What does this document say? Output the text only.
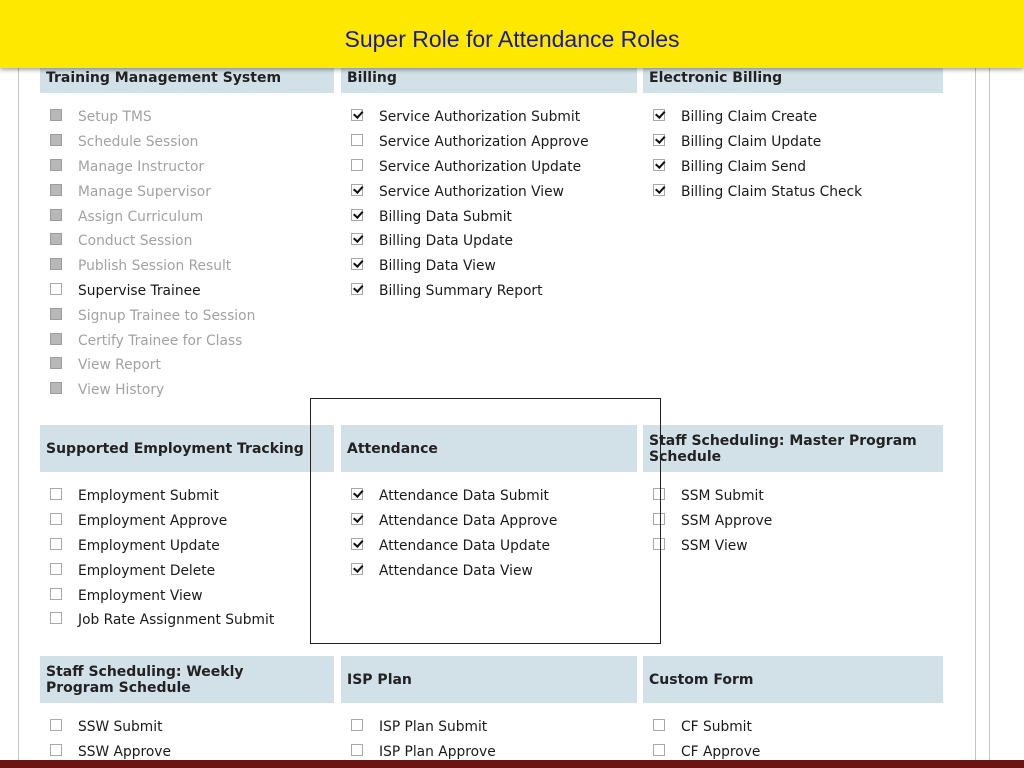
Super Role for Attendance Roles
Training Management System
Setup TMS
Schedule Session
Manage Instructor
Manage Supervisor
Assign Curriculum
Conduct Session
Publish Session Result
Supervise Trainee
Signup Trainee to Session
Certify Trainee for Class
View Report
View History
Billing
Service Authorization Submit
Service Authorization Approve
Service Authorization Update
Service Authorization View
Billing Data Submit
Billing Data Update
Billing Data View
Billing Summary Report
Electronic Billing
Billing Claim Create
Billing Claim Update
Billing Claim Send
Billing Claim Status Check
Supported Employment Tracking
Employment Submit
Employment Approve
Employment Update
Employment Delete
Employment View
Job Rate Assignment Submit
Attendance
Attendance Data Submit
Attendance Data Approve
Attendance Data Update
Attendance Data View
Staff Scheduling: Master Program Schedule
SSM Submit
SSM Approve
SSM View
Staff Scheduling: Weekly Program Schedule
SSW Submit
SSW Approve
ISP Plan
ISP Plan Submit
ISP Plan Approve
Custom Form
CF Submit
CF Approve
